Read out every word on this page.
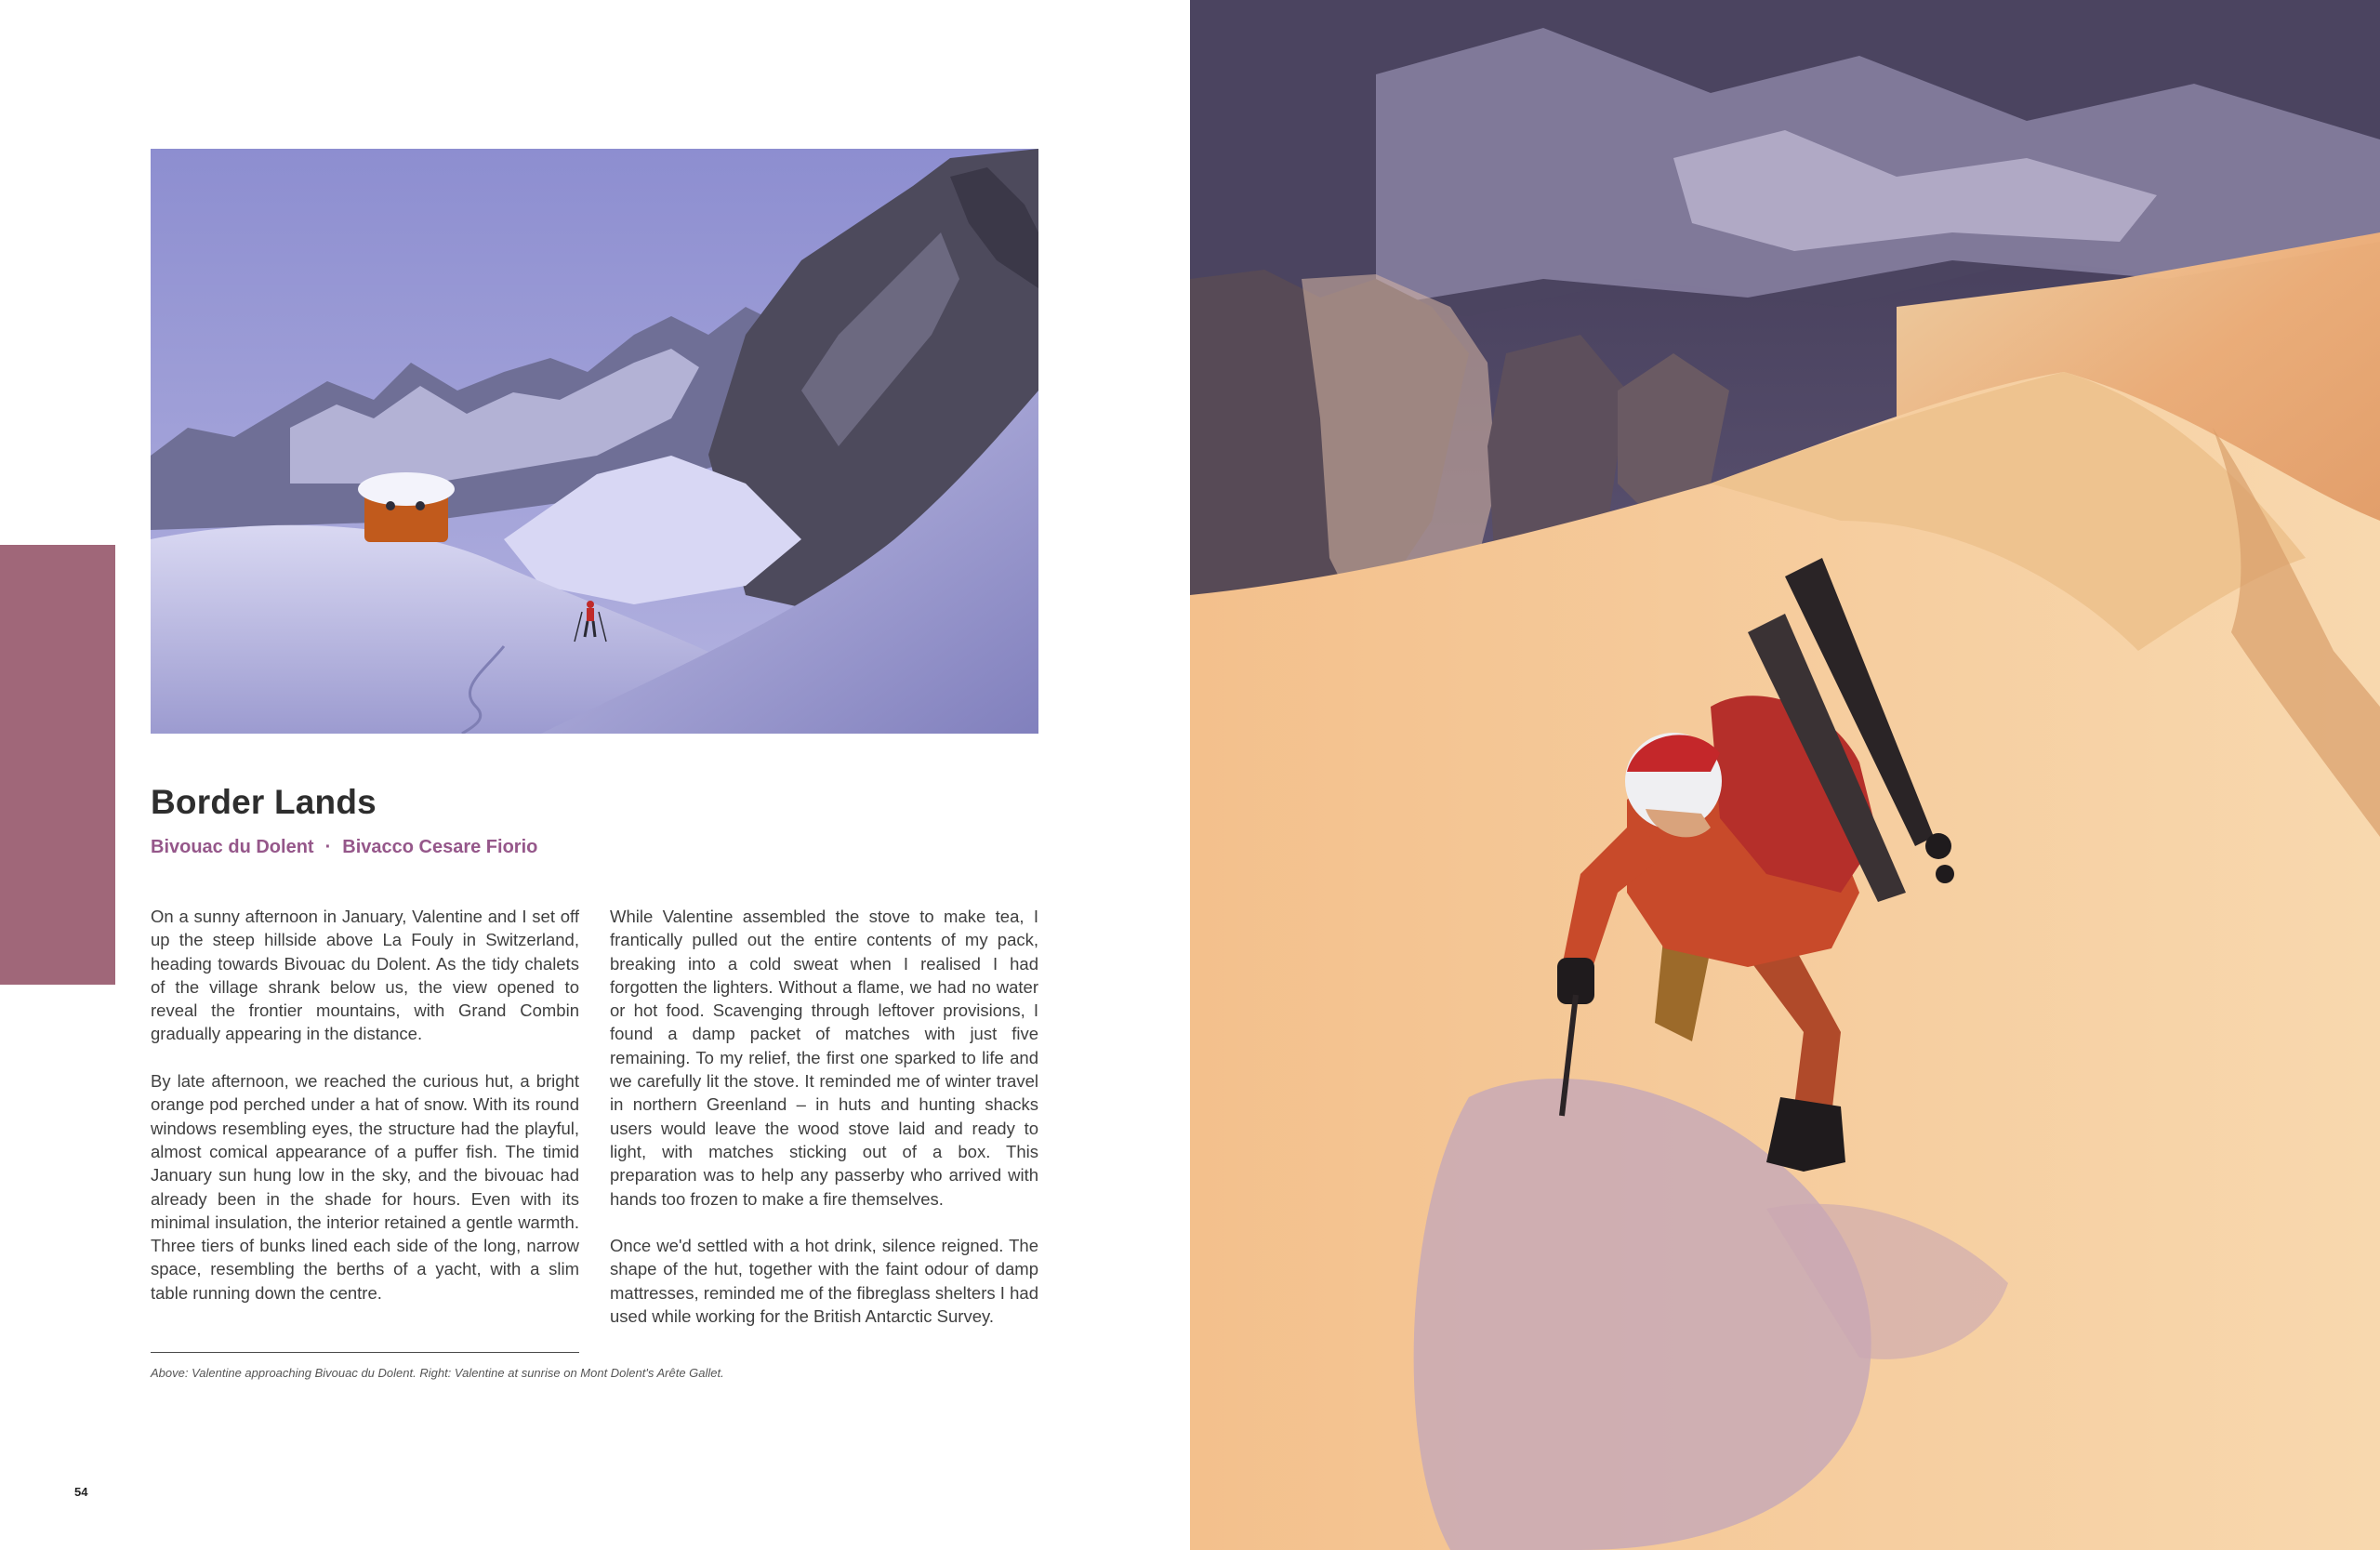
Border Lands
Bivouac du Dolent · Bivacco Cesare Fiorio

On a sunny afternoon in January, Valentine and I set off up the steep hillside above La Fouly in Switzerland, heading towards Bivouac du Dolent. As the tidy chalets of the village shrank below us, the view opened to reveal the frontier mountains, with Grand Combin gradually appearing in the distance.

By late afternoon, we reached the curious hut, a bright orange pod perched under a hat of snow. With its round windows resembling eyes, the structure had the playful, almost comical appearance of a puffer fish. The timid January sun hung low in the sky, and the bivouac had already been in the shade for hours. Even with its minimal insulation, the interior retained a gentle warmth. Three tiers of bunks lined each side of the long, narrow space, resembling the berths of a yacht, with a slim table running down the centre.

While Valentine assembled the stove to make tea, I frantically pulled out the entire contents of my pack, breaking into a cold sweat when I realised I had forgotten the lighters. Without a flame, we had no water or hot food. Scavenging through leftover provisions, I found a damp packet of matches with just five remaining. To my relief, the first one sparked to life and we carefully lit the stove. It reminded me of winter travel in northern Greenland – in huts and hunting shacks users would leave the wood stove laid and ready to light, with matches sticking out of a box. This preparation was to help any passerby who arrived with hands too frozen to make a fire themselves.

Once we'd settled with a hot drink, silence reigned. The shape of the hut, together with the faint odour of damp mattresses, reminded me of the fibreglass shelters I had used while working for the British Antarctic Survey.

Above: Valentine approaching Bivouac du Dolent. Right: Valentine at sunrise on Mont Dolent's Arête Gallet.
54
